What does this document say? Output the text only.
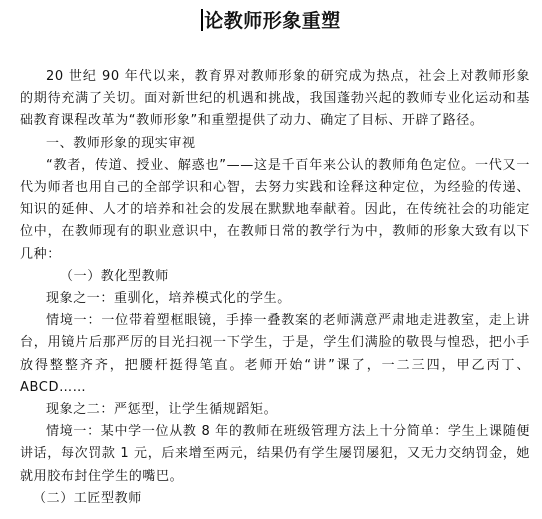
论教师形象重塑

20 世纪 90 年代以来，教育界对教师形象的研究成为热点，社会上对教师形象的期待充满了关切。面对新世纪的机遇和挑战，我国蓬勃兴起的教师专业化运动和基础教育课程改革为“教师形象”和重塑提供了动力、确定了目标、开辟了路径。

一、教师形象的现实审视

“教者，传道、授业、解惑也”——这是千百年来公认的教师角色定位。一代又一代为师者也用自己的全部学识和心智，去努力实践和诠释这种定位，为经验的传递、知识的延伸、人才的培养和社会的发展在默默地奉献着。因此，在传统社会的功能定位中，在教师现有的职业意识中，在教师日常的教学行为中，教师的形象大致有以下几种：

（一）教化型教师

现象之一：重驯化，培养模式化的学生。

情境一：一位带着塑框眼镜，手捧一叠教案的老师满意严肃地走进教室，走上讲台，用镜片后那严厉的目光扫视一下学生，于是，学生们满脸的敬畏与惶恐，把小手放得整整齐齐，把腰杆挺得笔直。老师开始“讲”课了，一二三四，甲乙丙丁、ABCD……

现象之二：严惩型，让学生循规蹈矩。

情境一：某中学一位从教 8 年的教师在班级管理方法上十分简单：学生上课随便讲话，每次罚款 1 元，后来增至两元，结果仍有学生屡罚屡犯，又无力交纳罚金，她就用胶布封住学生的嘴巴。

（二）工匠型教师
